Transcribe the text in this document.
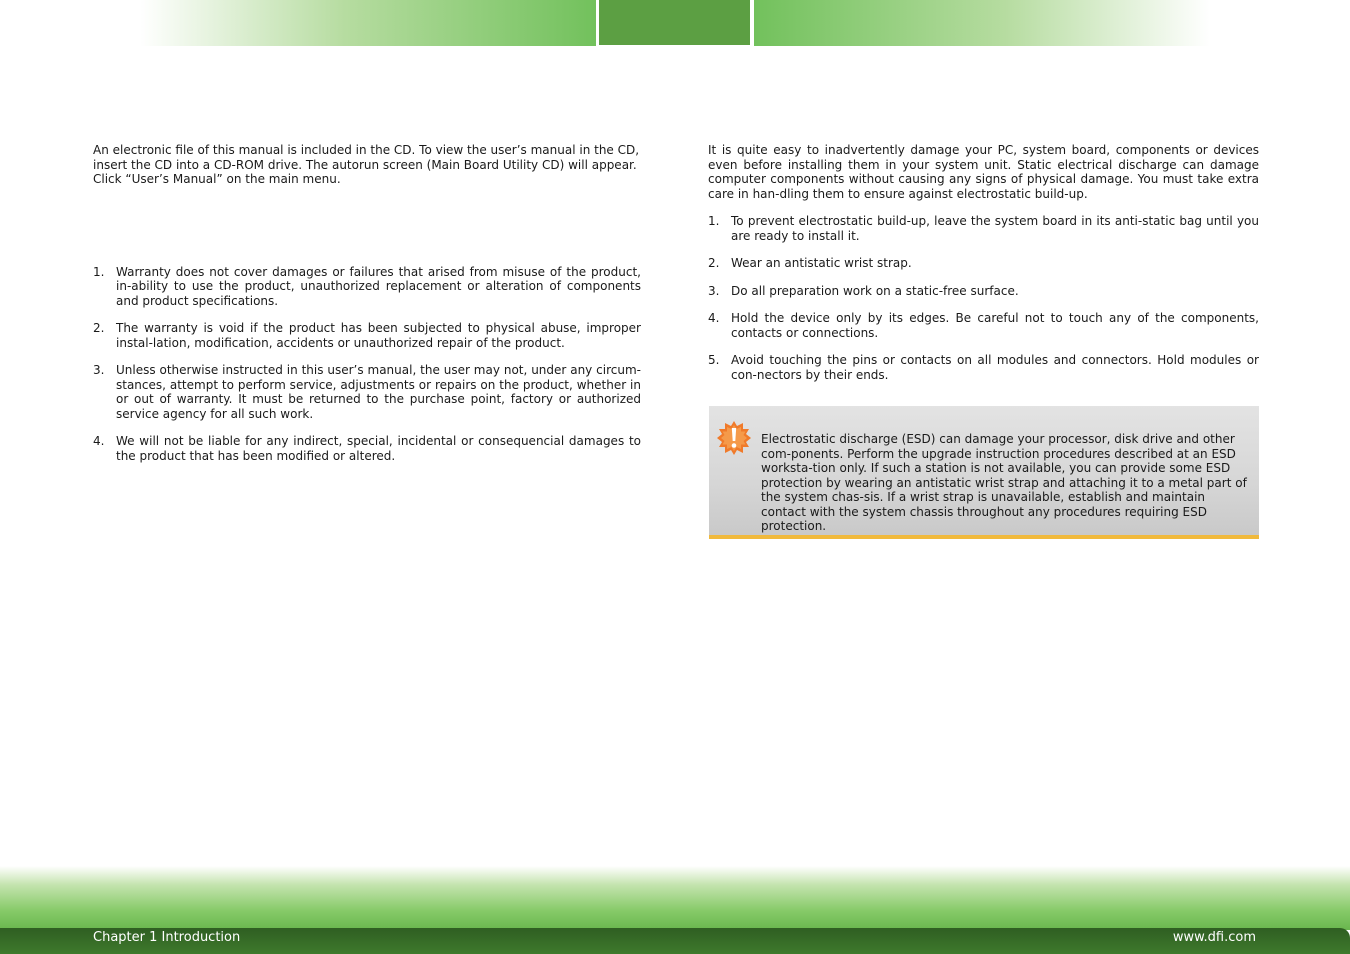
An electronic file of this manual is included in the CD. To view the user’s manual in the CD, insert the CD into a CD-ROM drive. The autorun screen (Main Board Utility CD) will appear. Click “User’s Manual” on the main menu.

1. Warranty does not cover damages or failures that arised from misuse of the product, in-ability to use the product, unauthorized replacement or alteration of components and product specifications.
2. The warranty is void if the product has been subjected to physical abuse, improper instal-lation, modification, accidents or unauthorized repair of the product.
3. Unless otherwise instructed in this user’s manual, the user may not, under any circum-stances, attempt to perform service, adjustments or repairs on the product, whether in or out of warranty. It must be returned to the purchase point, factory or authorized service agency for all such work.
4. We will not be liable for any indirect, special, incidental or consequencial damages to the product that has been modified or altered.

It is quite easy to inadvertently damage your PC, system board, components or devices even before installing them in your system unit. Static electrical discharge can damage computer components without causing any signs of physical damage. You must take extra care in han-dling them to ensure against electrostatic build-up.

1. To prevent electrostatic build-up, leave the system board in its anti-static bag until you are ready to install it.
2. Wear an antistatic wrist strap.
3. Do all preparation work on a static-free surface.
4. Hold the device only by its edges. Be careful not to touch any of the components, contacts or connections.
5. Avoid touching the pins or contacts on all modules and connectors. Hold modules or con-nectors by their ends.
Electrostatic discharge (ESD) can damage your processor, disk drive and other com-ponents. Perform the upgrade instruction procedures described at an ESD worksta-tion only. If such a station is not available, you can provide some ESD protection by wearing an antistatic wrist strap and attaching it to a metal part of the system chas-sis. If a wrist strap is unavailable, establish and maintain contact with the system chassis throughout any procedures requiring ESD protection.
Chapter 1 Introduction	www.dfi.com
